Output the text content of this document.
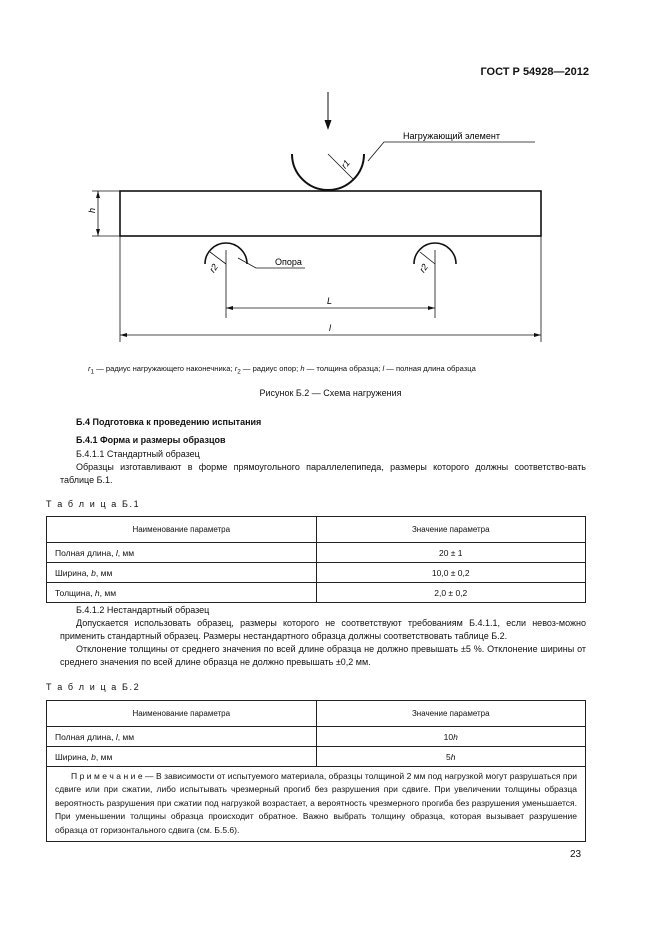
ГОСТ Р 54928—2012
r1
Нагружающий элемент
h
r2
Опора
r2
L
l
$r_1$ — радиус нагружающего наконечника; $r_2$ — радиус опор; h — толщина образца; l — полная длина образца
Рисунок Б.2 — Схема нагружения
Б.4 Подготовка к проведению испытания
Б.4.1 Форма и размеры образцов
Б.4.1.1 Стандартный образец
Образцы изготавливают в форме прямоугольного параллелепипеда, размеры которого должны соответство-вать таблице Б.1.
Т а б л и ц а Б.1
Наименование параметра	Значение параметра
Полная длина, l, мм	20 ± 1
Ширина, b, мм	10,0 ± 0,2
Толщина, h, мм	2,0 ± 0,2
Б.4.1.2 Нестандартный образец
Допускается использовать образец, размеры которого не соответствуют требованиям Б.4.1.1, если невоз-можно применить стандартный образец. Размеры нестандартного образца должны соответствовать таблице Б.2.
Отклонение толщины от среднего значения по всей длине образца не должно превышать ±5 %. Отклонение ширины от среднего значения по всей длине образца не должно превышать ±0,2 мм.
Т а б л и ц а Б.2
Наименование параметра	Значение параметра
Полная длина, l, мм	10h
Ширина, b, мм	5h
П р и м е ч а н и е — В зависимости от испытуемого материала, образцы толщиной 2 мм под нагрузкой могут разрушаться при сдвиге или при сжатии, либо испытывать чрезмерный прогиб без разрушения при сдвиге. При увеличении толщины образца вероятность разрушения при сжатии под нагрузкой возрастает, а вероятность чрезмерного прогиба без разрушения уменьшается. При уменьшении толщины образца происходит обратное. Важно выбрать толщину образца, которая вызывает разрушение образца от горизонтального сдвига (см. Б.5.6).	
23
